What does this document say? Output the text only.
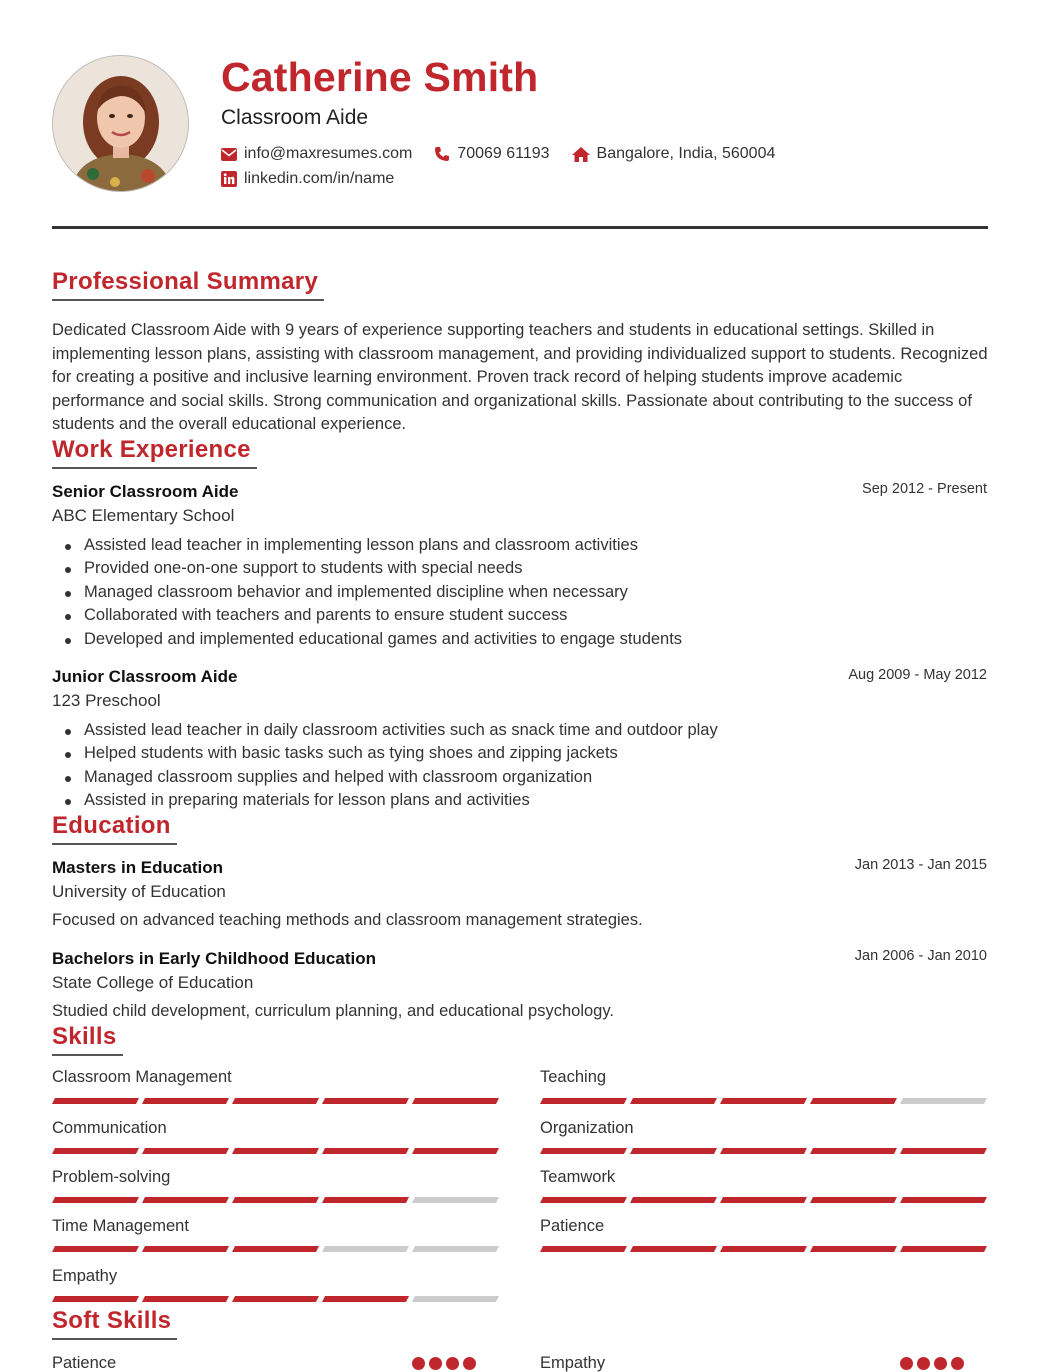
Catherine Smith
Classroom Aide
info@maxresumes.com	70069 61193	Bangalore, India, 560004
linkedin.com/in/name
Professional Summary
Dedicated Classroom Aide with 9 years of experience supporting teachers and students in educational settings. Skilled in implementing lesson plans, assisting with classroom management, and providing individualized support to students. Recognized for creating a positive and inclusive learning environment. Proven track record of helping students improve academic performance and social skills. Strong communication and organizational skills. Passionate about contributing to the success of students and the overall educational experience.
Work Experience
Senior Classroom Aide	Sep 2012 - Present
ABC Elementary School
Assisted lead teacher in implementing lesson plans and classroom activities
Provided one-on-one support to students with special needs
Managed classroom behavior and implemented discipline when necessary
Collaborated with teachers and parents to ensure student success
Developed and implemented educational games and activities to engage students
Junior Classroom Aide	Aug 2009 - May 2012
123 Preschool
Assisted lead teacher in daily classroom activities such as snack time and outdoor play
Helped students with basic tasks such as tying shoes and zipping jackets
Managed classroom supplies and helped with classroom organization
Assisted in preparing materials for lesson plans and activities
Education
Masters in Education	Jan 2013 - Jan 2015
University of Education
Focused on advanced teaching methods and classroom management strategies.
Bachelors in Early Childhood Education	Jan 2006 - Jan 2010
State College of Education
Studied child development, curriculum planning, and educational psychology.
Skills
Classroom Management	Teaching
Communication	Organization
Problem-solving	Teamwork
Time Management	Patience
Empathy
Soft Skills
Patience	Empathy
